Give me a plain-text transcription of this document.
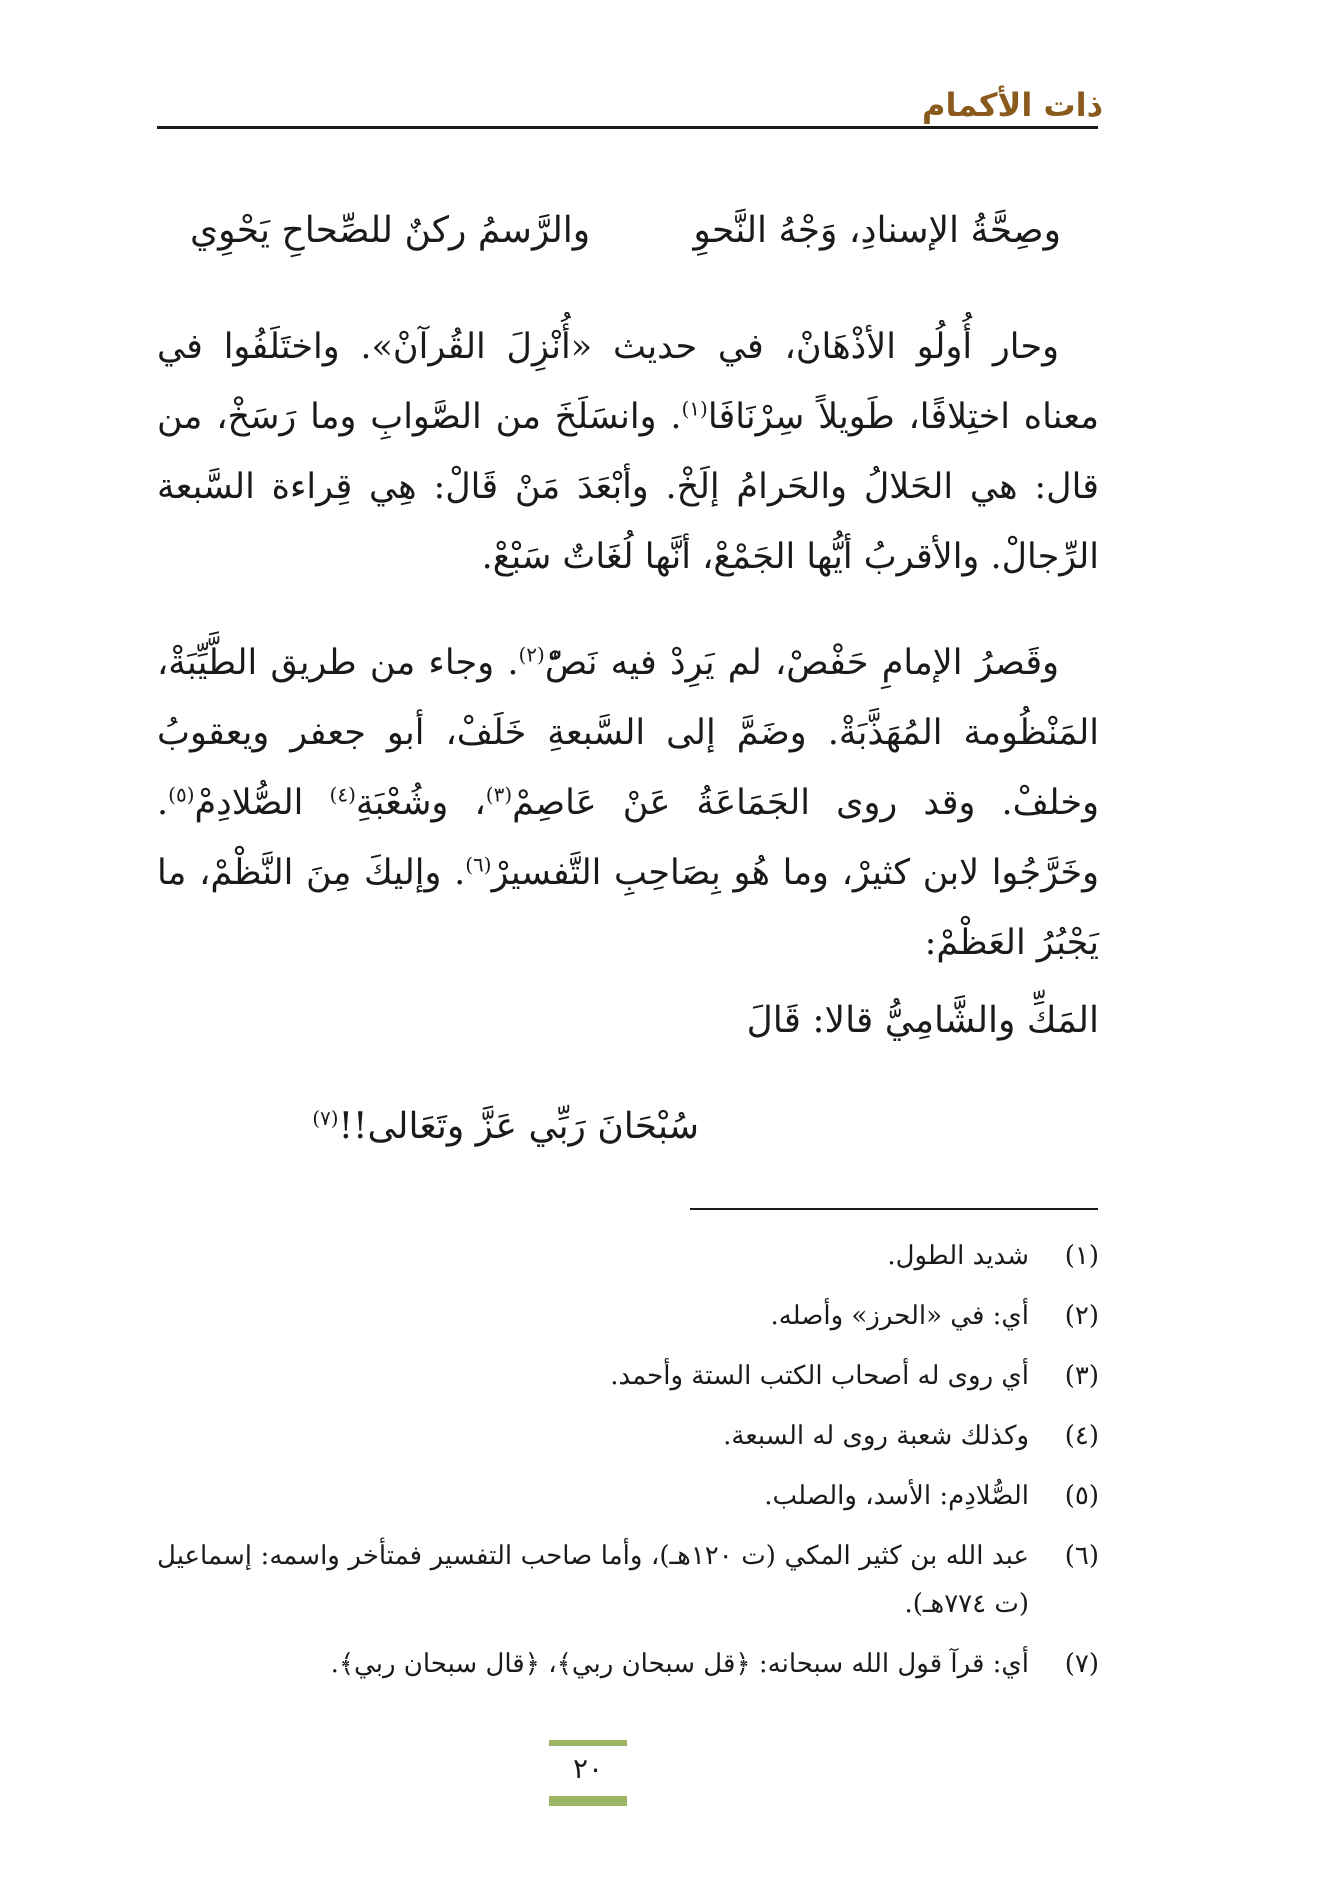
ذات الأكمام
وصِحَّةُ الإسنادِ، وَجْهُ النَّحوِ
والرَّسمُ ركنٌ للصِّحاحِ يَحْوِي
وحار أُولُو الأذْهَانْ، في حديث «أُنْزِلَ القُرآنْ». واختَلَفُوا في معناه اختِلافًا، طَويلاً سِرْنَافَا$^{(١)}$. وانسَلَخَ من الصَّوابِ وما رَسَخْ، من قال: هي الحَلالُ والحَرامُ إلَخْ. وأبْعَدَ مَنْ قَالْ: هِي قِراءة السَّبعة الرِّجالْ. والأقربُ أيُّها الجَمْعْ، أنَّها لُغَاتٌ سَبْعْ.
وقَصرُ الإمامِ حَفْصْ، لم يَرِدْ فيه نَصّْ$^{(٢)}$. وجاء من طريق الطَّيِّبَةْ، المَنْظُومة المُهَذَّبَةْ. وضَمَّ إلى السَّبعةِ خَلَفْ، أبو جعفر ويعقوبُ وخلفْ. وقد روى الجَمَاعَةُ عَنْ عَاصِمْ$^{(٣)}$، وشُعْبَةِ$^{(٤)}$ الصُّلادِمْ$^{(٥)}$. وخَرَّجُوا لابن كثيرْ، وما هُو بِصَاحِبِ التَّفسيرْ$^{(٦)}$. وإليكَ مِنَ النَّظْمْ، ما يَجْبُرُ العَظْمْ:
المَكِّ والشَّامِيُّ قالا: قَالَ
سُبْحَانَ رَبِّي عَزَّ وتَعَالى!!$^{(٧)}$
(١)
شديد الطول.
(٢)
أي: في «الحرز» وأصله.
(٣)
أي روى له أصحاب الكتب الستة وأحمد.
(٤)
وكذلك شعبة روى له السبعة.
(٥)
الصُّلادِم: الأسد، والصلب.
(٦)
عبد الله بن كثير المكي (ت ١٢٠هـ)، وأما صاحب التفسير فمتأخر واسمه: إسماعيل (ت ٧٧٤هـ).
(٧)
أي: قرآ قول الله سبحانه: ﴿قل سبحان ربي﴾، ﴿قال سبحان ربي﴾.
٢٠
